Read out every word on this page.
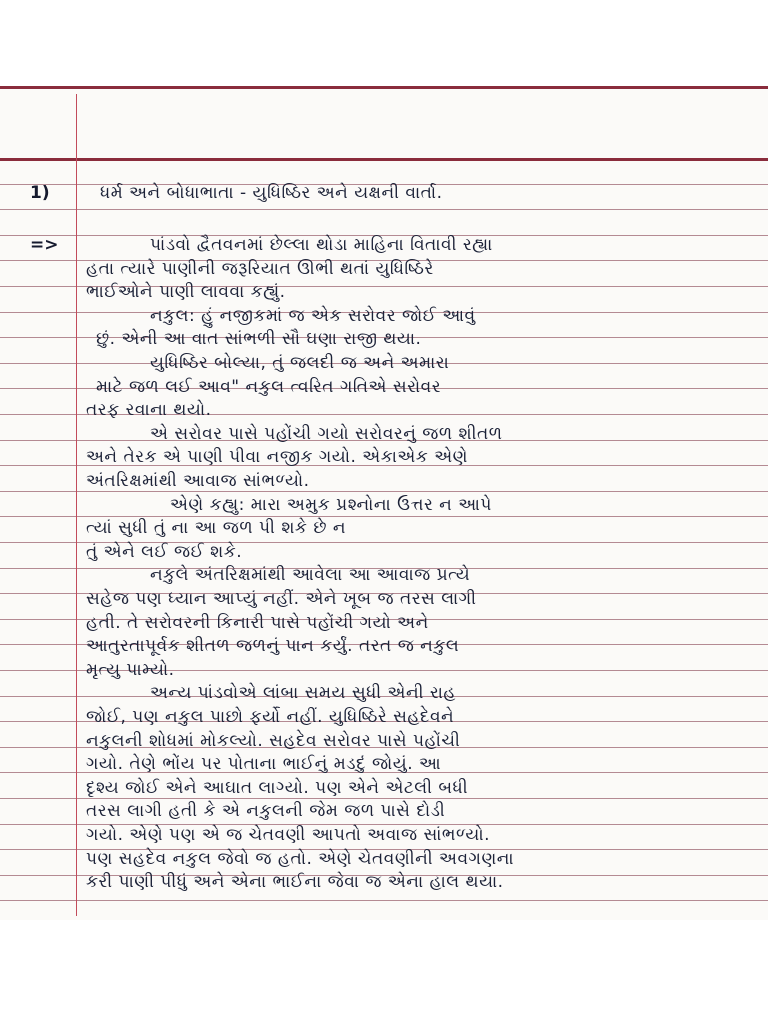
1)	ધર્મ અને બોધાભાતા - યુધિષ્ઠિર અને યક્ષની વાર્તા.
=>	પાંડવો દ્વૈતવનમાં છેલ્લા થોડા માહિના વિતાવી રહ્યા
હતા ત્યારે પાણીની જરૂરિયાત ઊભી થતાં યુધિષ્ઠિરે
ભાઈઓને પાણી લાવવા કહ્યું.
નકુલ: હું નજીકમાં જ એક સરોવર જોઈ આવું
છું. એની આ વાત સાંભળી સૌ ઘણા રાજી થયા.
યુધિષ્ઠિર બોલ્યા, તું જલદી જ અને અમારા
માટે જળ લઈ આવ" નકુલ ત્વરિત ગતિએ સરોવર
તરફ રવાના થયો.
એ સરોવર પાસે પહોંચી ગયો સરોવરનું જળ શીતળ
અને તેરક એ પાણી પીવા નજીક ગયો. એકાએક એણે
અંતરિક્ષમાંથી આવાજ સાંભળ્યો.
એણે કહ્યુ: મારા અમુક પ્રશ્નોના ઉત્તર ન આપે
ત્યાં સુધી તું ના આ જળ પી શકે છે ન
તું એને લઈ જઈ શકે.
નકુલે અંતરિક્ષમાંથી આવેલા આ આવાજ પ્રત્યે
સહેજ પણ ધ્યાન આપ્યું નહીં. એને ખૂબ જ તરસ લાગી
હતી. તે સરોવરની કિનારી પાસે પહોંચી ગયો અને
આતુરતાપૂર્વક શીતળ જળનું પાન કર્યું. તરત જ નકુલ
મૃત્યુ પામ્યો.
અન્ય પાંડવોએ લાંબા સમય સુધી એની રાહ
જોઈ, પણ નકુલ પાછો ફર્યો નહીં. યુધિષ્ઠિરે સહદેવને
નકુલની શોધમાં મોકલ્યો. સહદેવ સરોવર પાસે પહોંચી
ગયો. તેણે ભોંય પર પોતાના ભાઈનું મડદું જોયું. આ
દૃશ્ય જોઈ એને આઘાત લાગ્યો. પણ એને એટલી બધી
તરસ લાગી હતી કે એ નકુલની જેમ જળ પાસે દોડી
ગયો. એણે પણ એ જ ચેતવણી આપતો અવાજ સાંભળ્યો.
પણ સહદેવ નકુલ જેવો જ હતો. એણે ચેતવણીની અવગણના
કરી પાણી પીધું અને એના ભાઈના જેવા જ એના હાલ થયા.
